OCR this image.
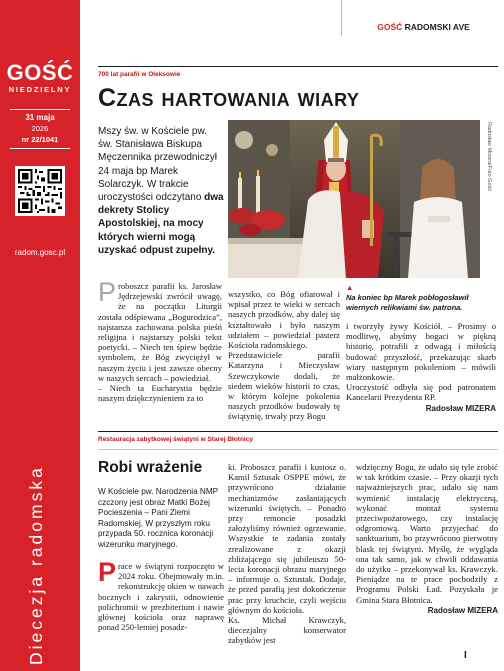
GOŚĆ
NIEDZIELNY
31 maja
2026
nr 22/1041
radom.gosc.pl
Diecezja radomska
GOŚĆ RADOMSKI AVE
700 lat parafii w Oleksowie
Czas hartowania wiary
Mszy św. w Kościele pw. św. Stanisława Biskupa Męczennika przewodniczył 24 maja bp Marek Solarczyk. W trakcie uroczystości odczytano dwa dekrety Stolicy Apostolskiej, na mocy których wierni mogą uzyskać odpust zupełny.
Radosław Mizera/Foto Gość
▲
Na koniec bp Marek pobłogosławił wiernych relikwiami św. patrona.
Proboszcz parafii ks. Jarosław Jędrzejewski zwrócił uwagę, że na początku Liturgii została odśpiewana „Bogurodzica”, najstarsza zachowana polska pieśń religijna i najstarszy polski tekst poetycki. – Niech ten śpiew będzie symbolem, że Bóg zwyciężył w naszym życiu i jest zawsze obecny w naszych sercach – powiedział.
– Niech ta Eucharystia będzie naszym dziękczynieniem za to
wszystko, co Bóg ofiarował i wpisał przez te wieki w sercach naszych przodków, aby dalej się kształtowało i było naszym udziałem – powiedział pasterz Kościoła radomskiego.
Przedstawiciele parafii Katarzyna i Mieczysław Szewczykowie dodali, że siedem wieków historii to czas, w którym kolejne pokolenia naszych przodków budowały tę świątynię, trwały przy Bogu
i tworzyły żywy Kościół. – Prosimy o modlitwę, abyśmy bogaci w piękną historię, potrafili z odwagą i miłością budować przyszłość, przekazując skarb wiary następnym pokoleniom – mówili małżonkowie.
Uroczystość odbyła się pod patronatem Kancelarii Prezydenta RP.
Radosław MIZERA
Restauracja zabytkowej świątyni w Starej Błotnicy
Robi wrażenie
W Kościele pw. Narodzenia NMP czczony jest obraz Matki Bożej Pocieszenia – Pani Ziemi Radomskiej. W przyszłym roku przypada 50. rocznica koronacji wizerunku maryjnego.
Prace w świątyni rozpoczęto w 2024 roku. Obejmowały m.in. rekonstrukcję okien w nawach bocznych i zakrystii, odnowienie polichromii w prezbiterium i nawie głównej kościoła oraz naprawę ponad 250-letniej posadz-
ki. Proboszcz parafii i kustosz o. Kamil Sztusak OSPPE mówi, że przywrócono działanie mechanizmów zasłaniających wizerunki świętych. – Ponadto przy remoncie posadzki założyliśmy również ogrzewanie. Wszystkie te zadania zostały zrealizowane z okazji zbliżającego się jubileuszu 50-lecia koronacji obrazu maryjnego – informuje o. Sztustak. Dodaje, że przed parafią jest dokończenie prac przy kruchcie, czyli wejściu głównym do kościoła.
Ks. Michał Krawczyk, diecezjalny konserwator zabytków jest
wdzięczny Bogu, że udało się tyle zrobić w tak krótkim czasie. – Przy okazji tych najważniejszych prac, udało się nam wymienić instalację elektryczną, wykonać montaż systemu przeciwpożarowego, czy instalację odgromową. Warto przyjechać do sanktuarium, bo przywrócono pierwotny blask tej świątyni. Myślę, że wygląda ona tak samo, jak w chwili oddawania do użytku – przekonywał ks. Krawczyk. Pieniądze na te prace pochodziły z Programu Polski Ład. Pozyskała je Gmina Stara Błotnica.
Radosław MIZERA
I
